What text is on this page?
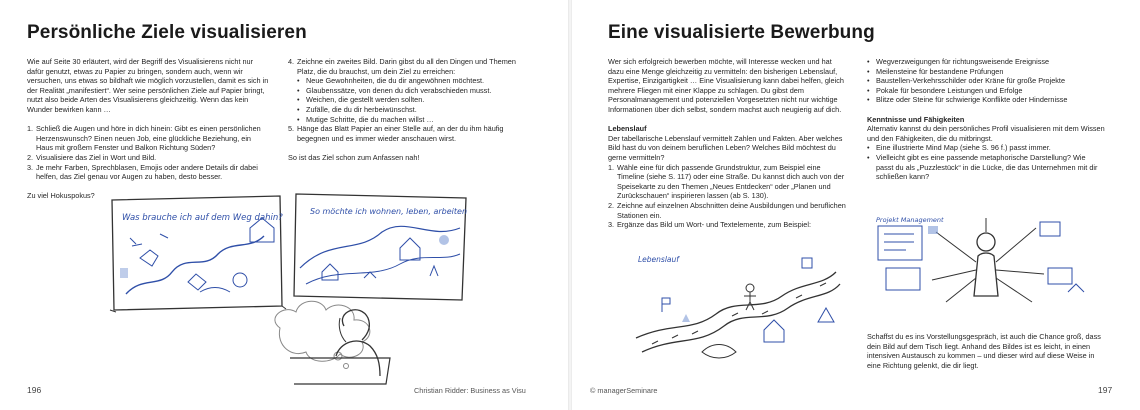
Persönliche Ziele visualisieren

Wie auf Seite 30 erläutert, wird der Begriff des Visualisierens nicht nur dafür genutzt, etwas zu Papier zu bringen, sondern auch, wenn wir versuchen, uns etwas so bildhaft wie möglich vorzustellen, damit es sich in der Realität „manifestiert“. Wer seine persönlichen Ziele auf Papier bringt, nutzt also beide Arten des Visualisierens gleichzeitig. Wenn das kein Wunder bewirken kann …

1. Schließ die Augen und höre in dich hinein: Gibt es einen persönlichen Herzenswunsch? Einen neuen Job, eine glückliche Beziehung, ein Haus mit großem Fenster und Balkon Richtung Süden?
2. Visualisiere das Ziel in Wort und Bild.
3. Je mehr Farben, Sprechblasen, Emojis oder andere Details dir dabei helfen, das Ziel genau vor Augen zu haben, desto besser.

Zu viel Hokuspokus?

4. Zeichne ein zweites Bild. Darin gibst du all den Dingen und Themen Platz, die du brauchst, um dein Ziel zu erreichen:
• Neue Gewohnheiten, die du dir angewöhnen möchtest.
• Glaubenssätze, von denen du dich verabschieden musst.
• Weichen, die gestellt werden sollten.
• Zufälle, die du dir herbeiwünschst.
• Mutige Schritte, die du machen willst …
5. Hänge das Blatt Papier an einer Stelle auf, an der du ihm häufig begegnen und es immer wieder anschauen wirst.

So ist das Ziel schon zum Anfassen nah!

Was brauche ich auf dem Weg dahin?
So möchte ich wohnen, leben, arbeiten
196	Christian Ridder: Business as Visu
Eine visualisierte Bewerbung

Wer sich erfolgreich bewerben möchte, will Interesse wecken und hat dazu eine Menge gleichzeitig zu vermitteln: den bisherigen Lebenslauf, Expertise, Einzigartigkeit … Eine Visualisierung kann dabei helfen, gleich mehrere Fliegen mit einer Klappe zu schlagen. Du gibst dem Personalmanagement und potenziellen Vorgesetzten nicht nur wichtige Informationen über dich selbst, sondern machst auch neugierig auf dich.

Lebenslauf

Der tabellarische Lebenslauf vermittelt Zahlen und Fakten. Aber welches Bild hast du von deinem beruflichen Leben? Welches Bild möchtest du gerne vermitteln?

1. Wähle eine für dich passende Grundstruktur, zum Beispiel eine Timeline (siehe S. 117) oder eine Straße. Du kannst dich auch von der Speisekarte zu den Themen „Neues Entdecken“ oder „Planen und Zurückschauen“ inspirieren lassen (ab S. 130).
2. Zeichne auf einzelnen Abschnitten deine Ausbildungen und beruflichen Stationen ein.
3. Ergänze das Bild um Wort- und Textelemente, zum Beispiel:
• Wegverzweigungen für richtungsweisende Ereignisse
• Meilensteine für bestandene Prüfungen
• Baustellen-Verkehrsschilder oder Kräne für große Projekte
• Pokale für besondere Leistungen und Erfolge
• Blitze oder Steine für schwierige Konflikte oder Hindernisse
Kenntnisse und Fähigkeiten

Alternativ kannst du dein persönliches Profil visualisieren mit dem Wissen und den Fähigkeiten, die du mitbringst.

• Eine illustrierte Mind Map (siehe S. 96 f.) passt immer.
• Vielleicht gibt es eine passende metaphorische Darstellung? Wie passt du als „Puzzlestück“ in die Lücke, die das Unternehmen mit dir schließen kann?
Lebenslauf
Projekt Management

Schaffst du es ins Vorstellungsgespräch, ist auch die Chance groß, dass dein Bild auf dem Tisch liegt. Anhand des Bildes ist es leicht, in einen intensiven Austausch zu kommen – und dieser wird auf diese Weise in eine Richtung gelenkt, die dir liegt.

© managerSeminare	197
